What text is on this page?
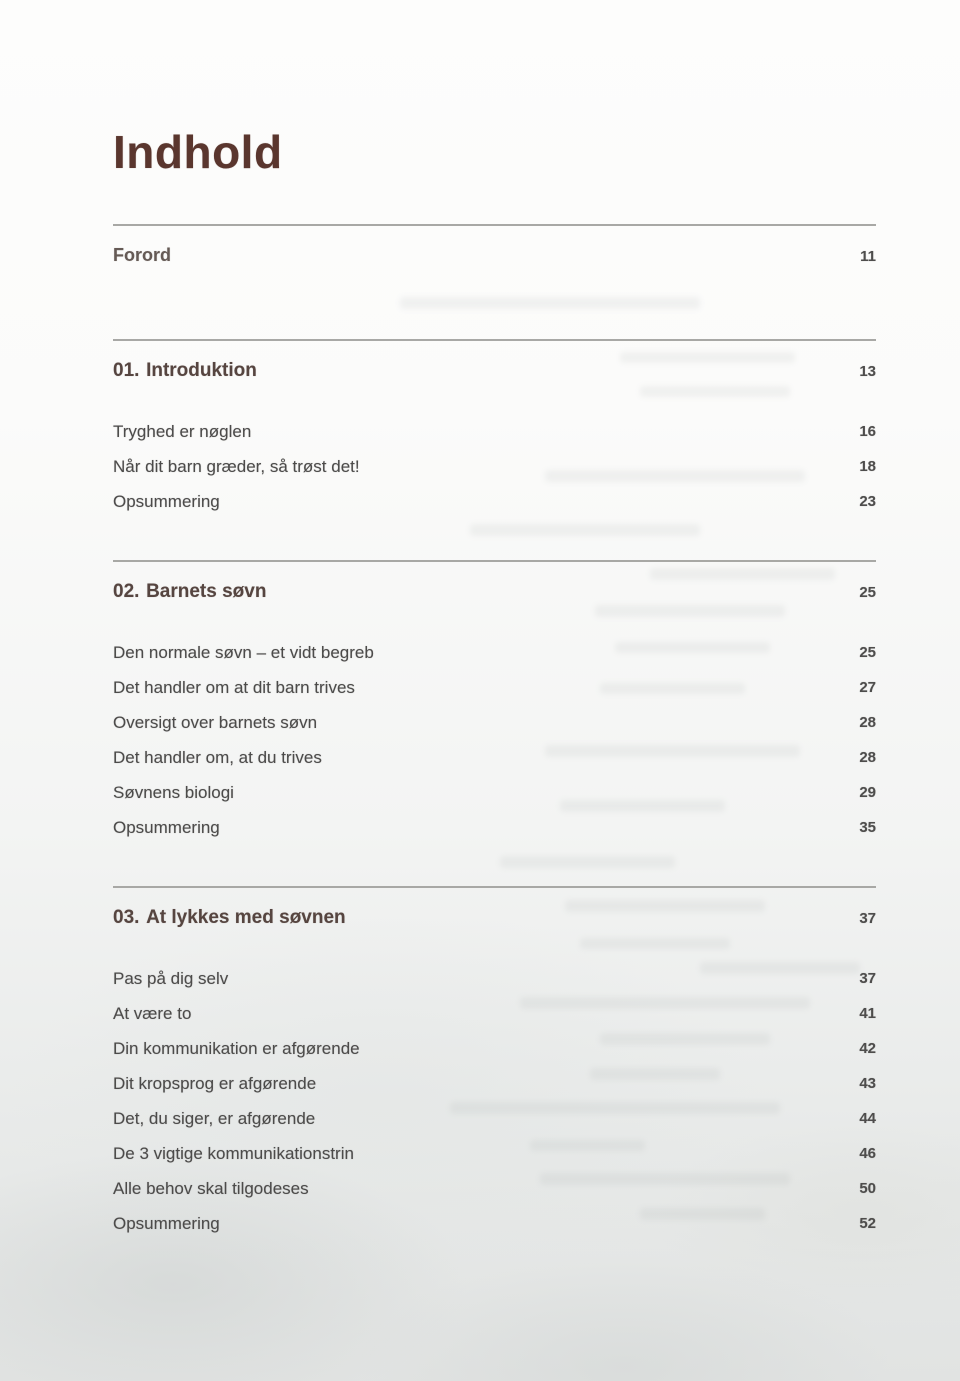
Indhold
Forord	11
01. Introduktion	13
Tryghed er nøglen	16
Når dit barn græder, så trøst det!	18
Opsummering	23
02. Barnets søvn	25
Den normale søvn – et vidt begreb	25
Det handler om at dit barn trives	27
Oversigt over barnets søvn	28
Det handler om, at du trives	28
Søvnens biologi	29
Opsummering	35
03. At lykkes med søvnen	37
Pas på dig selv	37
At være to	41
Din kommunikation er afgørende	42
Dit kropsprog er afgørende	43
Det, du siger, er afgørende	44
De 3 vigtige kommunikationstrin	46
Alle behov skal tilgodeses	50
Opsummering	52
